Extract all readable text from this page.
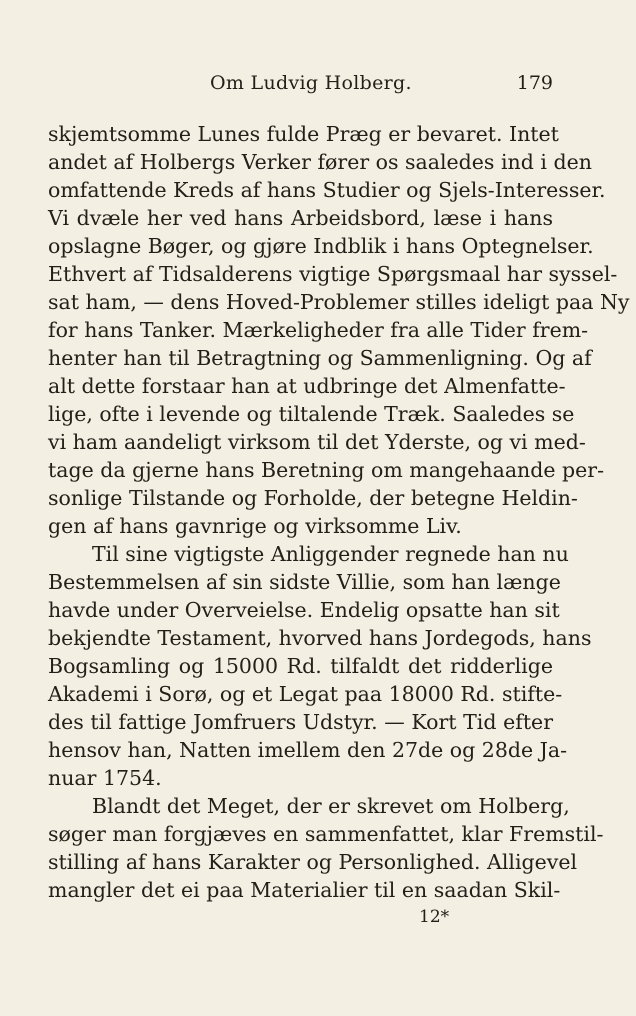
Om Ludvig Holberg.	179
skjemtsomme Lunes fulde Præg er bevaret. Intet
andet af Holbergs Verker fører os saaledes ind i den
omfattende Kreds af hans Studier og Sjels-Interesser.
Vi dvæle her ved hans Arbeidsbord, læse i hans
opslagne Bøger, og gjøre Indblik i hans Optegnelser.
Ethvert af Tidsalderens vigtige Spørgsmaal har syssel-
sat ham, — dens Hoved-Problemer stilles ideligt paa Ny
for hans Tanker. Mærkeligheder fra alle Tider frem-
henter han til Betragtning og Sammenligning. Og af
alt dette forstaar han at udbringe det Almenfatte-
lige, ofte i levende og tiltalende Træk. Saaledes se
vi ham aandeligt virksom til det Yderste, og vi med-
tage da gjerne hans Beretning om mangehaande per-
sonlige Tilstande og Forholde, der betegne Heldin-
gen af hans gavnrige og virksomme Liv.
Til sine vigtigste Anliggender regnede han nu
Bestemmelsen af sin sidste Villie, som han længe
havde under Overveielse. Endelig opsatte han sit
bekjendte Testament, hvorved hans Jordegods, hans
Bogsamling og 15000 Rd. tilfaldt det ridderlige
Akademi i Sorø, og et Legat paa 18000 Rd. stifte-
des til fattige Jomfruers Udstyr. — Kort Tid efter
hensov han, Natten imellem den 27de og 28de Ja-
nuar 1754.
Blandt det Meget, der er skrevet om Holberg,
søger man forgjæves en sammenfattet, klar Fremstil-
stilling af hans Karakter og Personlighed. Alligevel
mangler det ei paa Materialier til en saadan Skil-
12*
